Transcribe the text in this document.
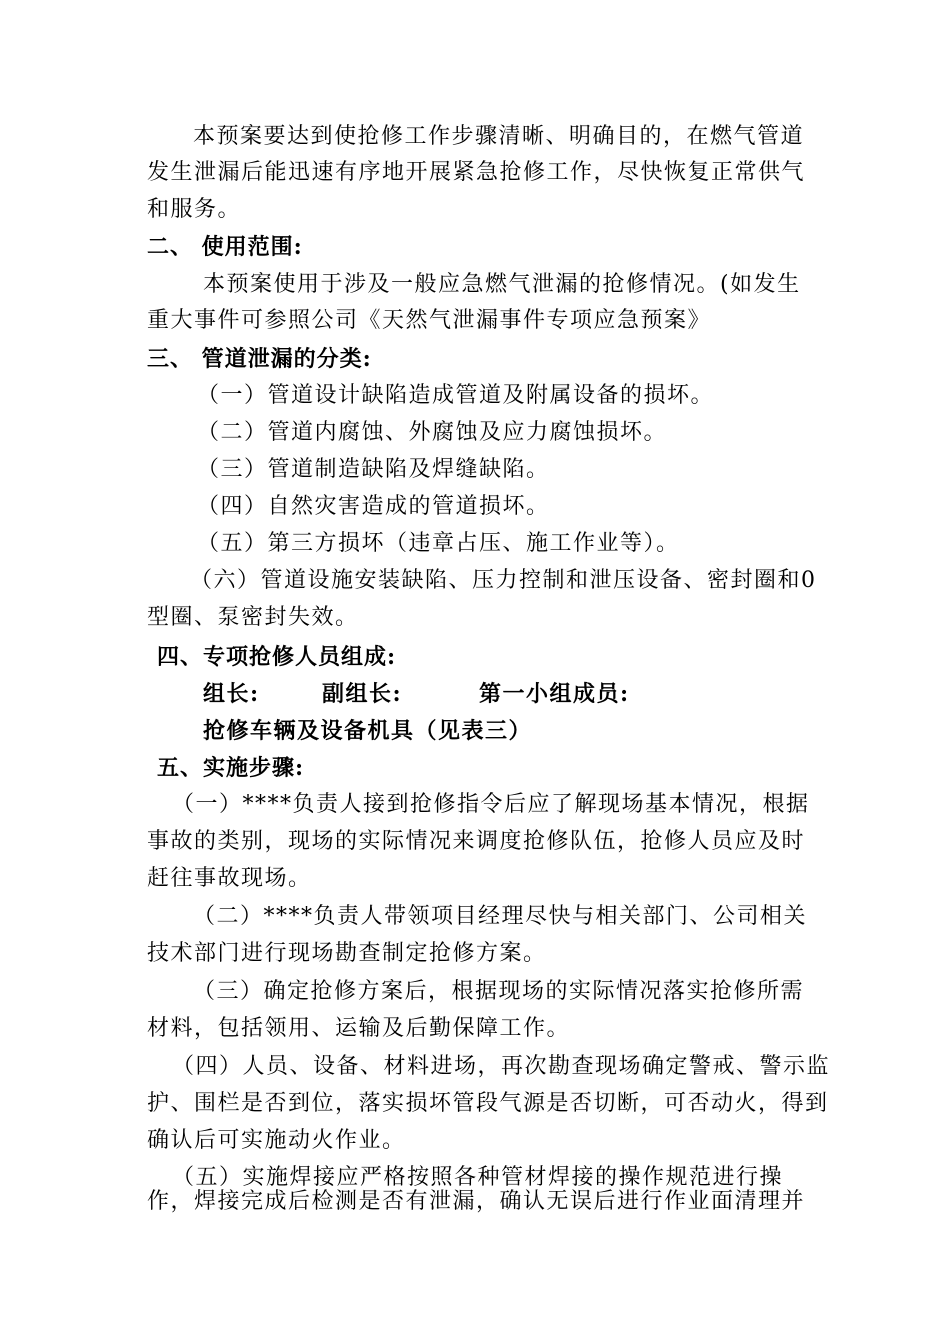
本预案要达到使抢修工作步骤清晰、明确目的，在燃气管道
发生泄漏后能迅速有序地开展紧急抢修工作，尽快恢复正常供气
和服务。
二、 使用范围:
本预案使用于涉及一般应急燃气泄漏的抢修情况。(如发生
重大事件可参照公司《天然气泄漏事件专项应急预案》
三、 管道泄漏的分类:
（一）管道设计缺陷造成管道及附属设备的损坏。
（二）管道内腐蚀、外腐蚀及应力腐蚀损坏。
（三）管道制造缺陷及焊缝缺陷。
（四）自然灾害造成的管道损坏。
（五）第三方损坏（违章占压、施工作业等）。
（六）管道设施安装缺陷、压力控制和泄压设备、密封圈和0
型圈、泵密封失效。
四、专项抢修人员组成:
组长:	副组长:	第一小组成员:
抢修车辆及设备机具（见表三）
五、实施步骤:
（一）****负责人接到抢修指令后应了解现场基本情况，根据
事故的类别，现场的实际情况来调度抢修队伍，抢修人员应及时
赶往事故现场。
（二）****负责人带领项目经理尽快与相关部门、公司相关
技术部门进行现场勘查制定抢修方案。
（三）确定抢修方案后，根据现场的实际情况落实抢修所需
材料，包括领用、运输及后勤保障工作。
（四）人员、设备、材料进场，再次勘查现场确定警戒、警示监
护、围栏是否到位，落实损坏管段气源是否切断，可否动火，得到
确认后可实施动火作业。
（五）实施焊接应严格按照各种管材焊接的操作规范进行操
作，焊接完成后检测是否有泄漏，确认无误后进行作业面清理并
